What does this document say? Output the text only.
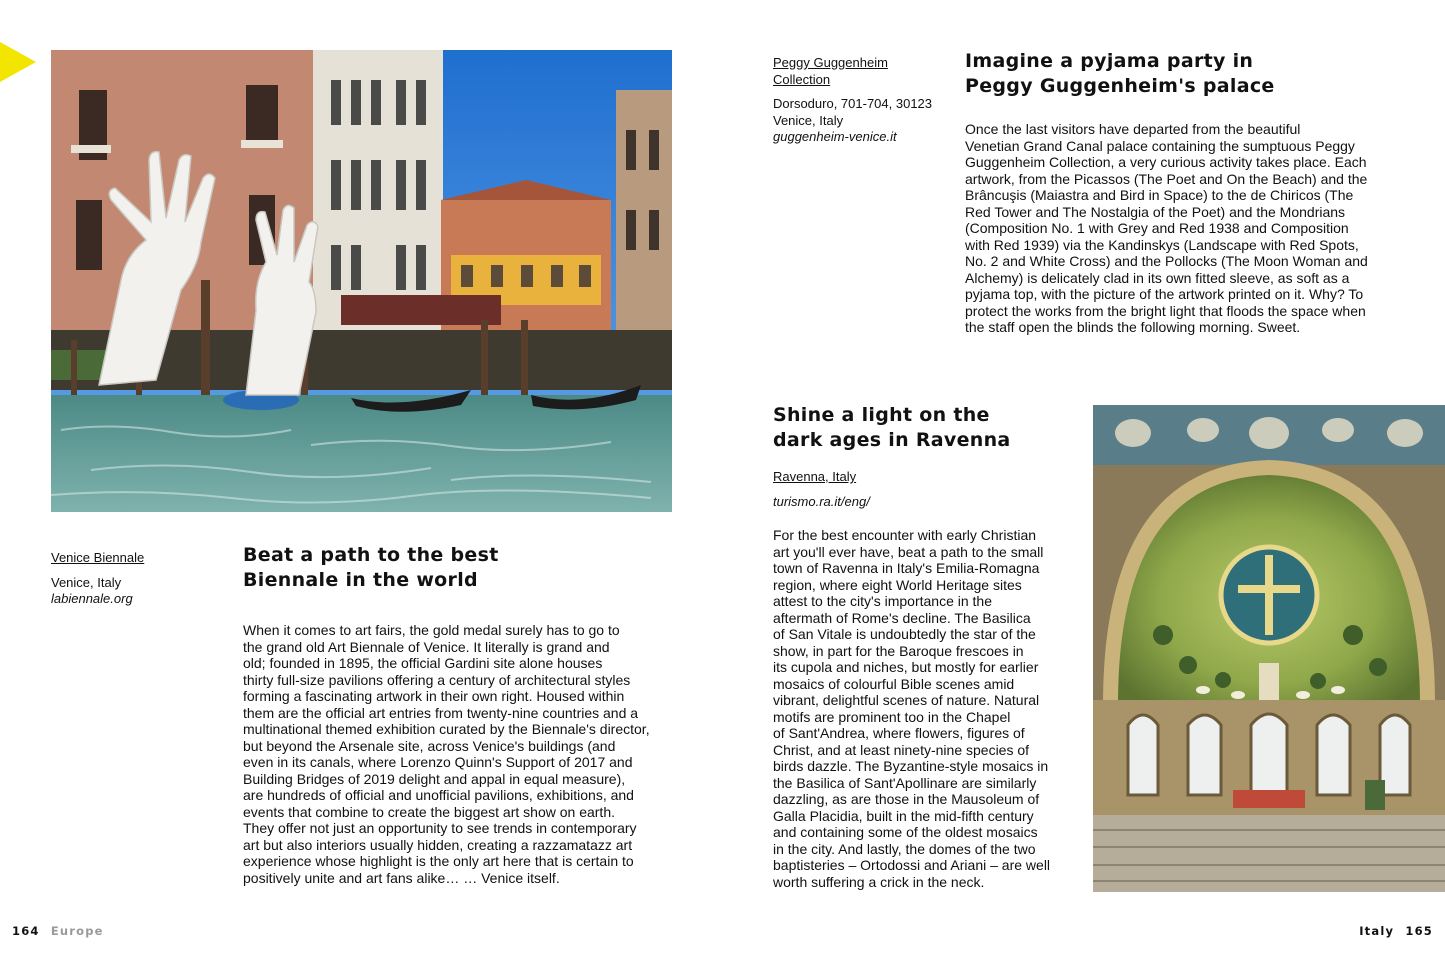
Venice Biennale
Venice, Italy
labiennale.org
Beat a path to the best
Biennale in the world
When it comes to art fairs, the gold medal surely has to go to
the grand old Art Biennale of Venice. It literally is grand and
old; founded in 1895, the official Gardini site alone houses
thirty full-size pavilions offering a century of architectural styles
forming a fascinating artwork in their own right. Housed within
them are the official art entries from twenty-nine countries and a
multinational themed exhibition curated by the Biennale's director,
but beyond the Arsenale site, across Venice's buildings (and
even in its canals, where Lorenzo Quinn's Support of 2017 and
Building Bridges of 2019 delight and appal in equal measure),
are hundreds of official and unofficial pavilions, exhibitions, and
events that combine to create the biggest art show on earth.
They offer not just an opportunity to see trends in contemporary
art but also interiors usually hidden, creating a razzamatazz art
experience whose highlight is the only art here that is certain to
positively unite and art fans alike… … Venice itself.
164 Europe
Peggy Guggenheim
Collection
Dorsoduro, 701-704, 30123
Venice, Italy
guggenheim-venice.it
Imagine a pyjama party in
Peggy Guggenheim's palace
Once the last visitors have departed from the beautiful
Venetian Grand Canal palace containing the sumptuous Peggy
Guggenheim Collection, a very curious activity takes place. Each
artwork, from the Picassos (The Poet and On the Beach) and the
Brâncuşis (Maiastra and Bird in Space) to the de Chiricos (The
Red Tower and The Nostalgia of the Poet) and the Mondrians
(Composition No. 1 with Grey and Red 1938 and Composition
with Red 1939) via the Kandinskys (Landscape with Red Spots,
No. 2 and White Cross) and the Pollocks (The Moon Woman and
Alchemy) is delicately clad in its own fitted sleeve, as soft as a
pyjama top, with the picture of the artwork printed on it. Why? To
protect the works from the bright light that floods the space when
the staff open the blinds the following morning. Sweet.
Shine a light on the
dark ages in Ravenna
Ravenna, Italy
turismo.ra.it/eng/
For the best encounter with early Christian
art you'll ever have, beat a path to the small
town of Ravenna in Italy's Emilia-Romagna
region, where eight World Heritage sites
attest to the city's importance in the
aftermath of Rome's decline. The Basilica
of San Vitale is undoubtedly the star of the
show, in part for the Baroque frescoes in
its cupola and niches, but mostly for earlier
mosaics of colourful Bible scenes amid
vibrant, delightful scenes of nature. Natural
motifs are prominent too in the Chapel
of Sant'Andrea, where flowers, figures of
Christ, and at least ninety-nine species of
birds dazzle. The Byzantine-style mosaics in
the Basilica of Sant'Apollinare are similarly
dazzling, as are those in the Mausoleum of
Galla Placidia, built in the mid-fifth century
and containing some of the oldest mosaics
in the city. And lastly, the domes of the two
baptisteries – Ortodossi and Ariani – are well
worth suffering a crick in the neck.
Italy 165
